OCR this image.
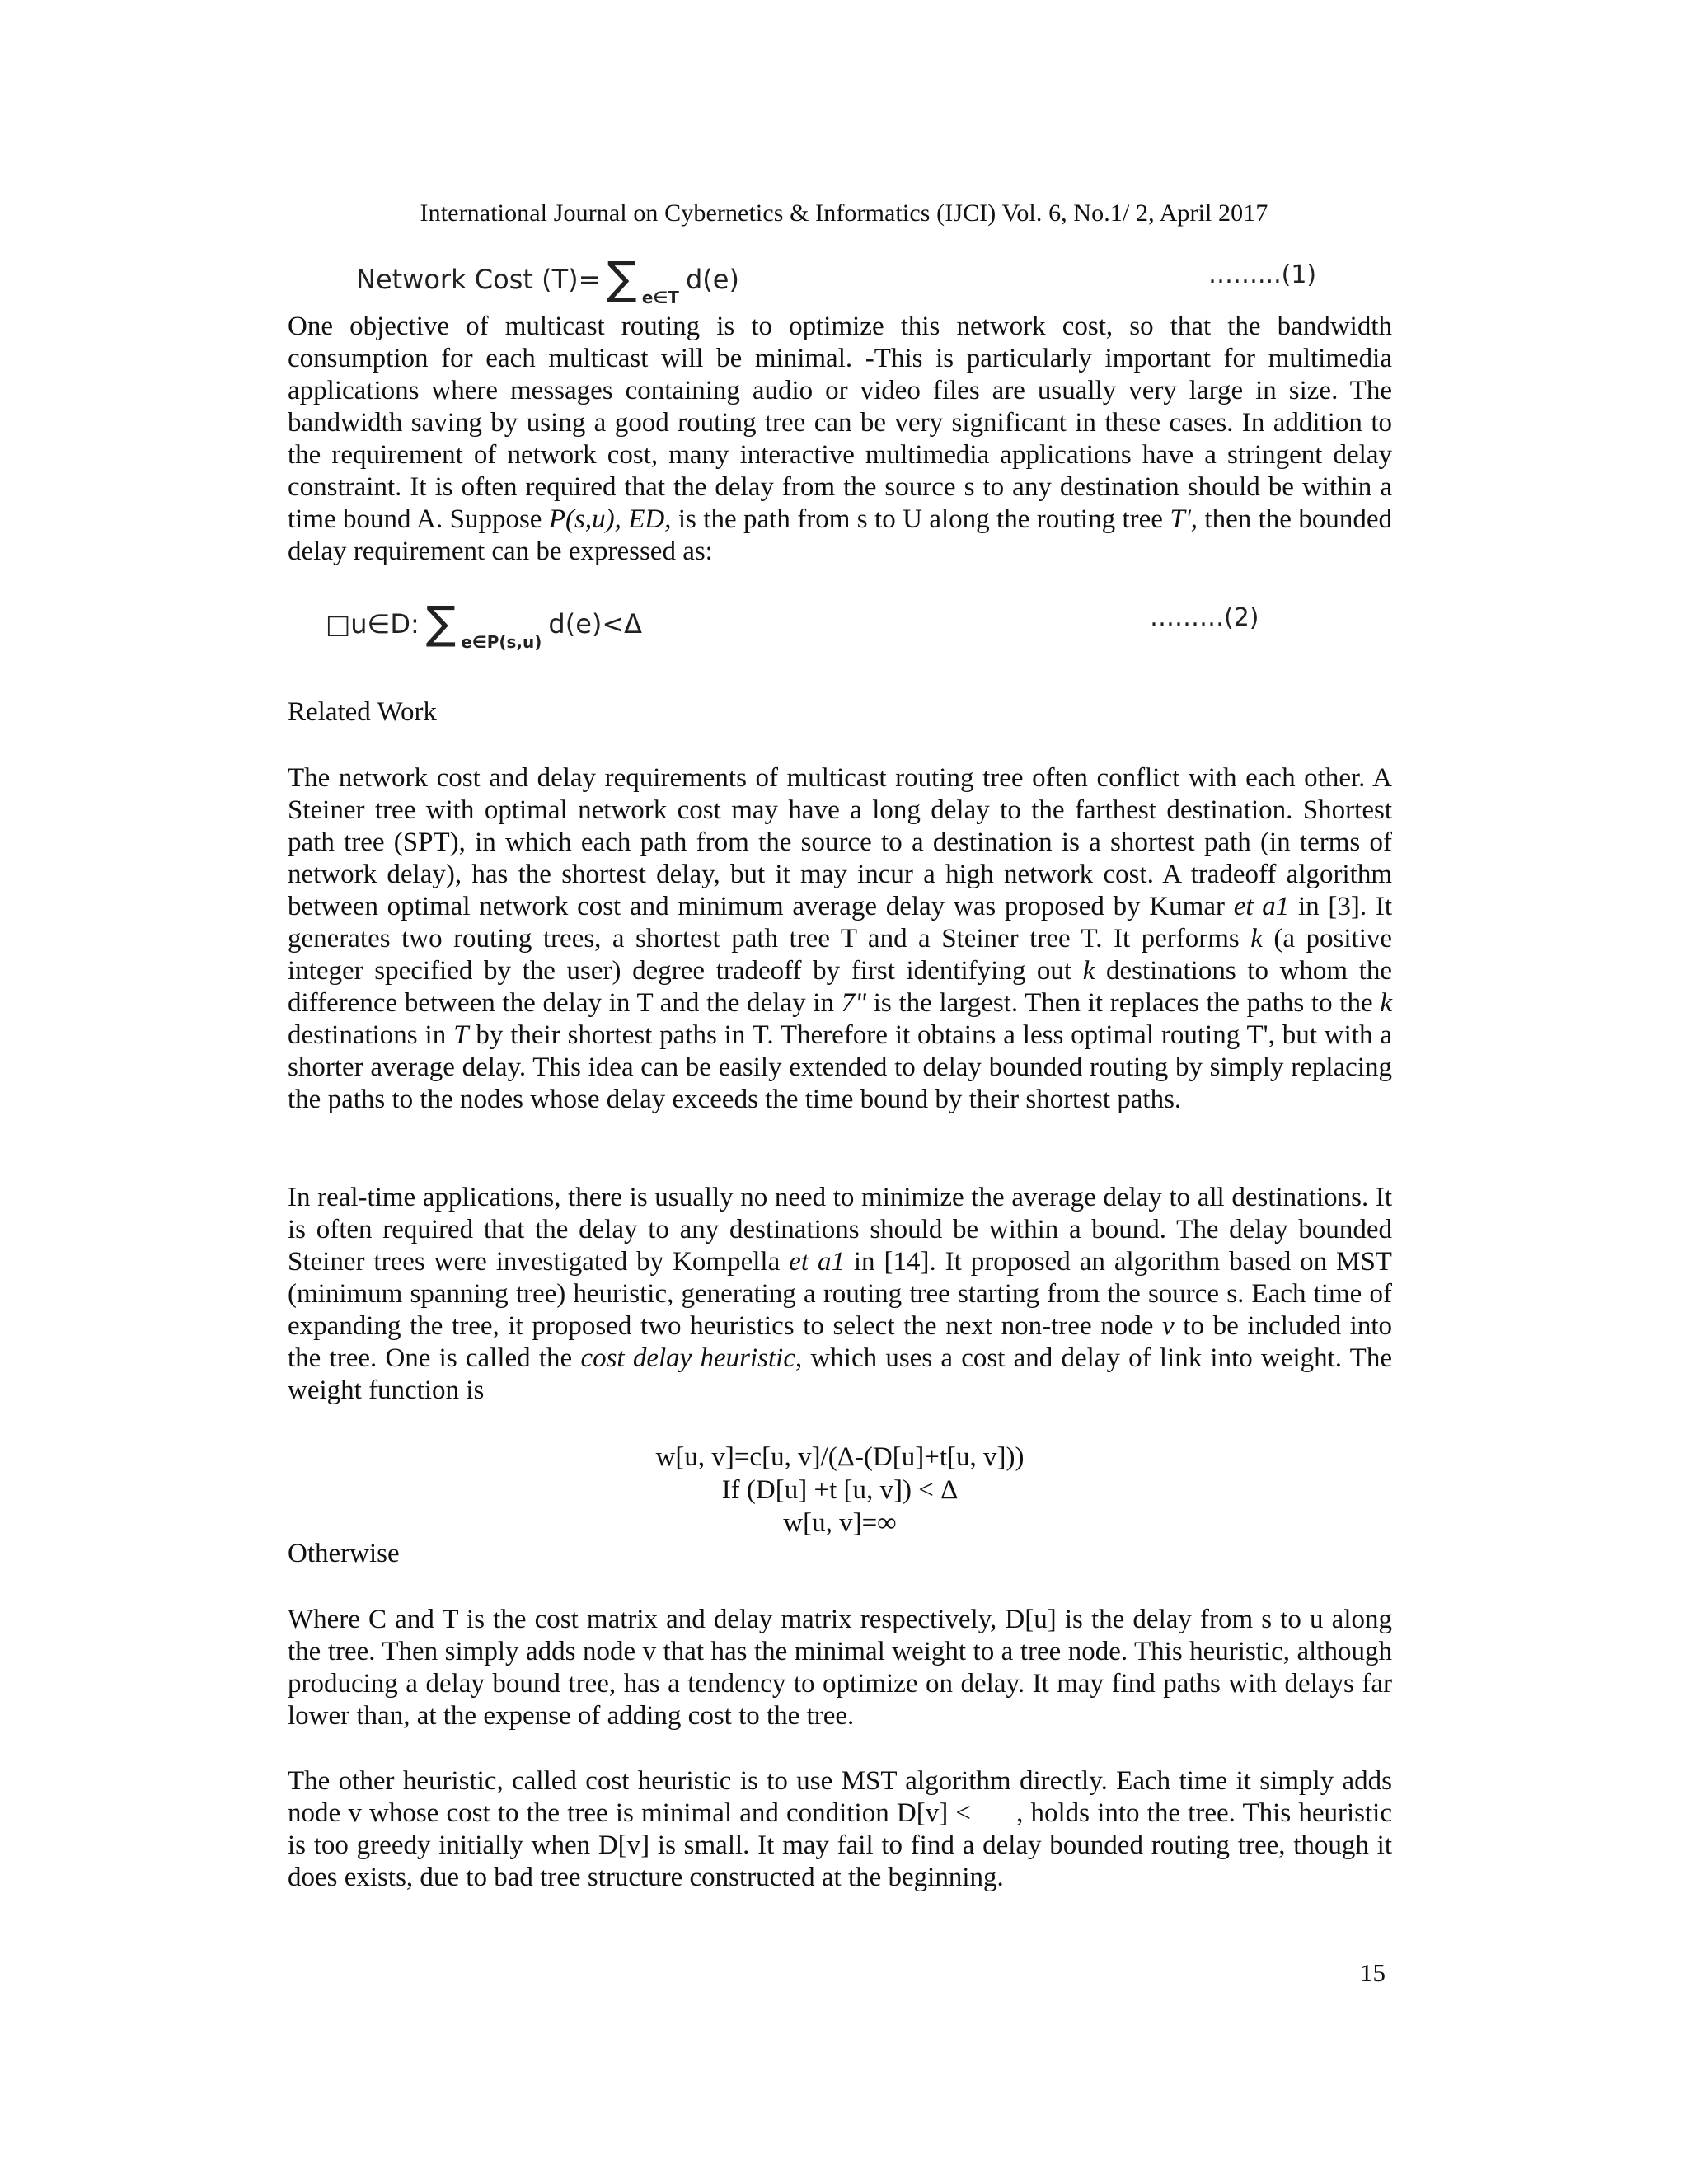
International Journal on Cybernetics & Informatics (IJCI) Vol. 6, No.1/ 2, April 2017
Network Cost (T)= ∑ $_{e\in T}$d(e)	……...(1)

One objective of multicast routing is to optimize this network cost, so that the bandwidth consumption for each multicast will be minimal. -This is particularly important for multimedia applications where messages containing audio or video files are usually very large in size. The bandwidth saving by using a good routing tree can be very significant in these cases. In addition to the requirement of network cost, many interactive multimedia applications have a stringent delay constraint. It is often required that the delay from the source s to any destination should be within a time bound A. Suppose P(s,u), ED, is the path from s to U along the routing tree T', then the bounded delay requirement can be expressed as:

□u∈D: ∑ $_{e\in P(s,u)}$d(e)<Δ	………(2)
Related Work

The network cost and delay requirements of multicast routing tree often conflict with each other. A Steiner tree with optimal network cost may have a long delay to the farthest destination. Shortest path tree (SPT), in which each path from the source to a destination is a shortest path (in terms of network delay), has the shortest delay, but it may incur a high network cost. A tradeoff algorithm between optimal network cost and minimum average delay was proposed by Kumar et a1 in [3]. It generates two routing trees, a shortest path tree T and a Steiner tree T. It performs k (a positive integer specified by the user) degree tradeoff by first identifying out k destinations to whom the difference between the delay in T and the delay in 7" is the largest. Then it replaces the paths to the k destinations in T by their shortest paths in T. Therefore it obtains a less optimal routing T', but with a shorter average delay. This idea can be easily extended to delay bounded routing by simply replacing the paths to the nodes whose delay exceeds the time bound by their shortest paths.

In real-time applications, there is usually no need to minimize the average delay to all destinations. It is often required that the delay to any destinations should be within a bound. The delay bounded Steiner trees were investigated by Kompella et a1 in [14]. It proposed an algorithm based on MST (minimum spanning tree) heuristic, generating a routing tree starting from the source s. Each time of expanding the tree, it proposed two heuristics to select the next non-tree node v to be included into the tree. One is called the cost delay heuristic, which uses a cost and delay of link into weight. The weight function is

w[u, v]=c[u, v]/(Δ-(D[u]+t[u, v]))
If (D[u] +t [u, v]) < Δ
w[u, v]=∞
Otherwise

Where C and T is the cost matrix and delay matrix respectively, D[u] is the delay from s to u along the tree. Then simply adds node v that has the minimal weight to a tree node. This heuristic, although producing a delay bound tree, has a tendency to optimize on delay. It may find paths with delays far lower than, at the expense of adding cost to the tree.

The other heuristic, called cost heuristic is to use MST algorithm directly. Each time it simply adds node v whose cost to the tree is minimal and condition D[v] <      , holds into the tree. This heuristic is too greedy initially when D[v] is small. It may fail to find a delay bounded routing tree, though it does exists, due to bad tree structure constructed at the beginning.

15
